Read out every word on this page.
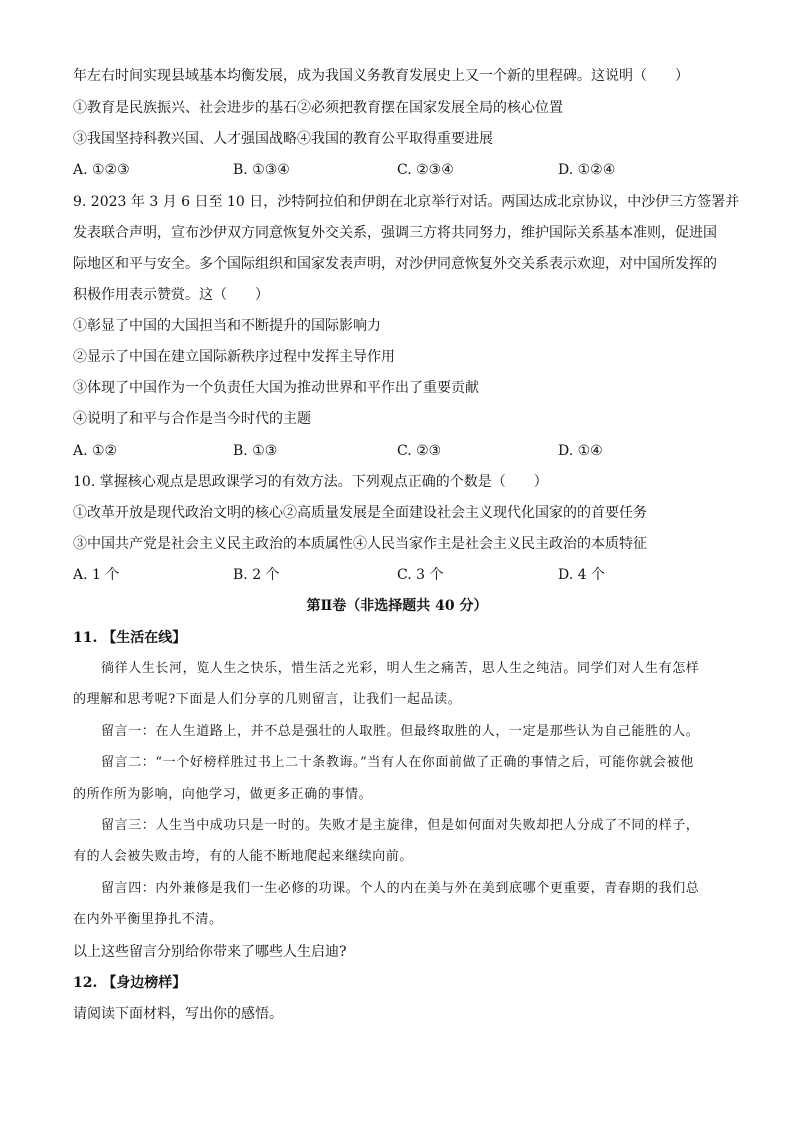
年左右时间实现县域基本均衡发展，成为我国义务教育发展史上又一个新的里程碑。这说明（　　）
①教育是民族振兴、社会进步的基石②必须把教育摆在国家发展全局的核心位置
③我国坚持科教兴国、人才强国战略④我国的教育公平取得重要进展
A. ①②③	B. ①③④	C. ②③④	D. ①②④
9. 2023 年 3 月 6 日至 10 日，沙特阿拉伯和伊朗在北京举行对话。两国达成北京协议，中沙伊三方签署并
发表联合声明，宣布沙伊双方同意恢复外交关系，强调三方将共同努力，维护国际关系基本准则，促进国
际地区和平与安全。多个国际组织和国家发表声明，对沙伊同意恢复外交关系表示欢迎，对中国所发挥的
积极作用表示赞赏。这（　　）
①彰显了中国的大国担当和不断提升的国际影响力
②显示了中国在建立国际新秩序过程中发挥主导作用
③体现了中国作为一个负责任大国为推动世界和平作出了重要贡献
④说明了和平与合作是当今时代的主题
A. ①②	B. ①③	C. ②③	D. ①④
10. 掌握核心观点是思政课学习的有效方法。下列观点正确的个数是（　　）
①改革开放是现代政治文明的核心②高质量发展是全面建设社会主义现代化国家的的首要任务
③中国共产党是社会主义民主政治的本质属性④人民当家作主是社会主义民主政治的本质特征
A. 1 个	B. 2 个	C. 3 个	D. 4 个
第Ⅱ卷（非选择题共 40 分）
11. 【生活在线】
徜徉人生长河，览人生之快乐，惜生活之光彩，明人生之痛苦，思人生之纯洁。同学们对人生有怎样
的理解和思考呢?下面是人们分享的几则留言，让我们一起品读。
留言一：在人生道路上，并不总是强壮的人取胜。但最终取胜的人，一定是那些认为自己能胜的人。
留言二：“一个好榜样胜过书上二十条教诲。”当有人在你面前做了正确的事情之后，可能你就会被他
的所作所为影响，向他学习，做更多正确的事情。
留言三：人生当中成功只是一时的。失败才是主旋律，但是如何面对失败却把人分成了不同的样子，
有的人会被失败击垮，有的人能不断地爬起来继续向前。
留言四：内外兼修是我们一生必修的功课。个人的内在美与外在美到底哪个更重要，青春期的我们总
在内外平衡里挣扎不清。
以上这些留言分别给你带来了哪些人生启迪?
12. 【身边榜样】
请阅读下面材料，写出你的感悟。
